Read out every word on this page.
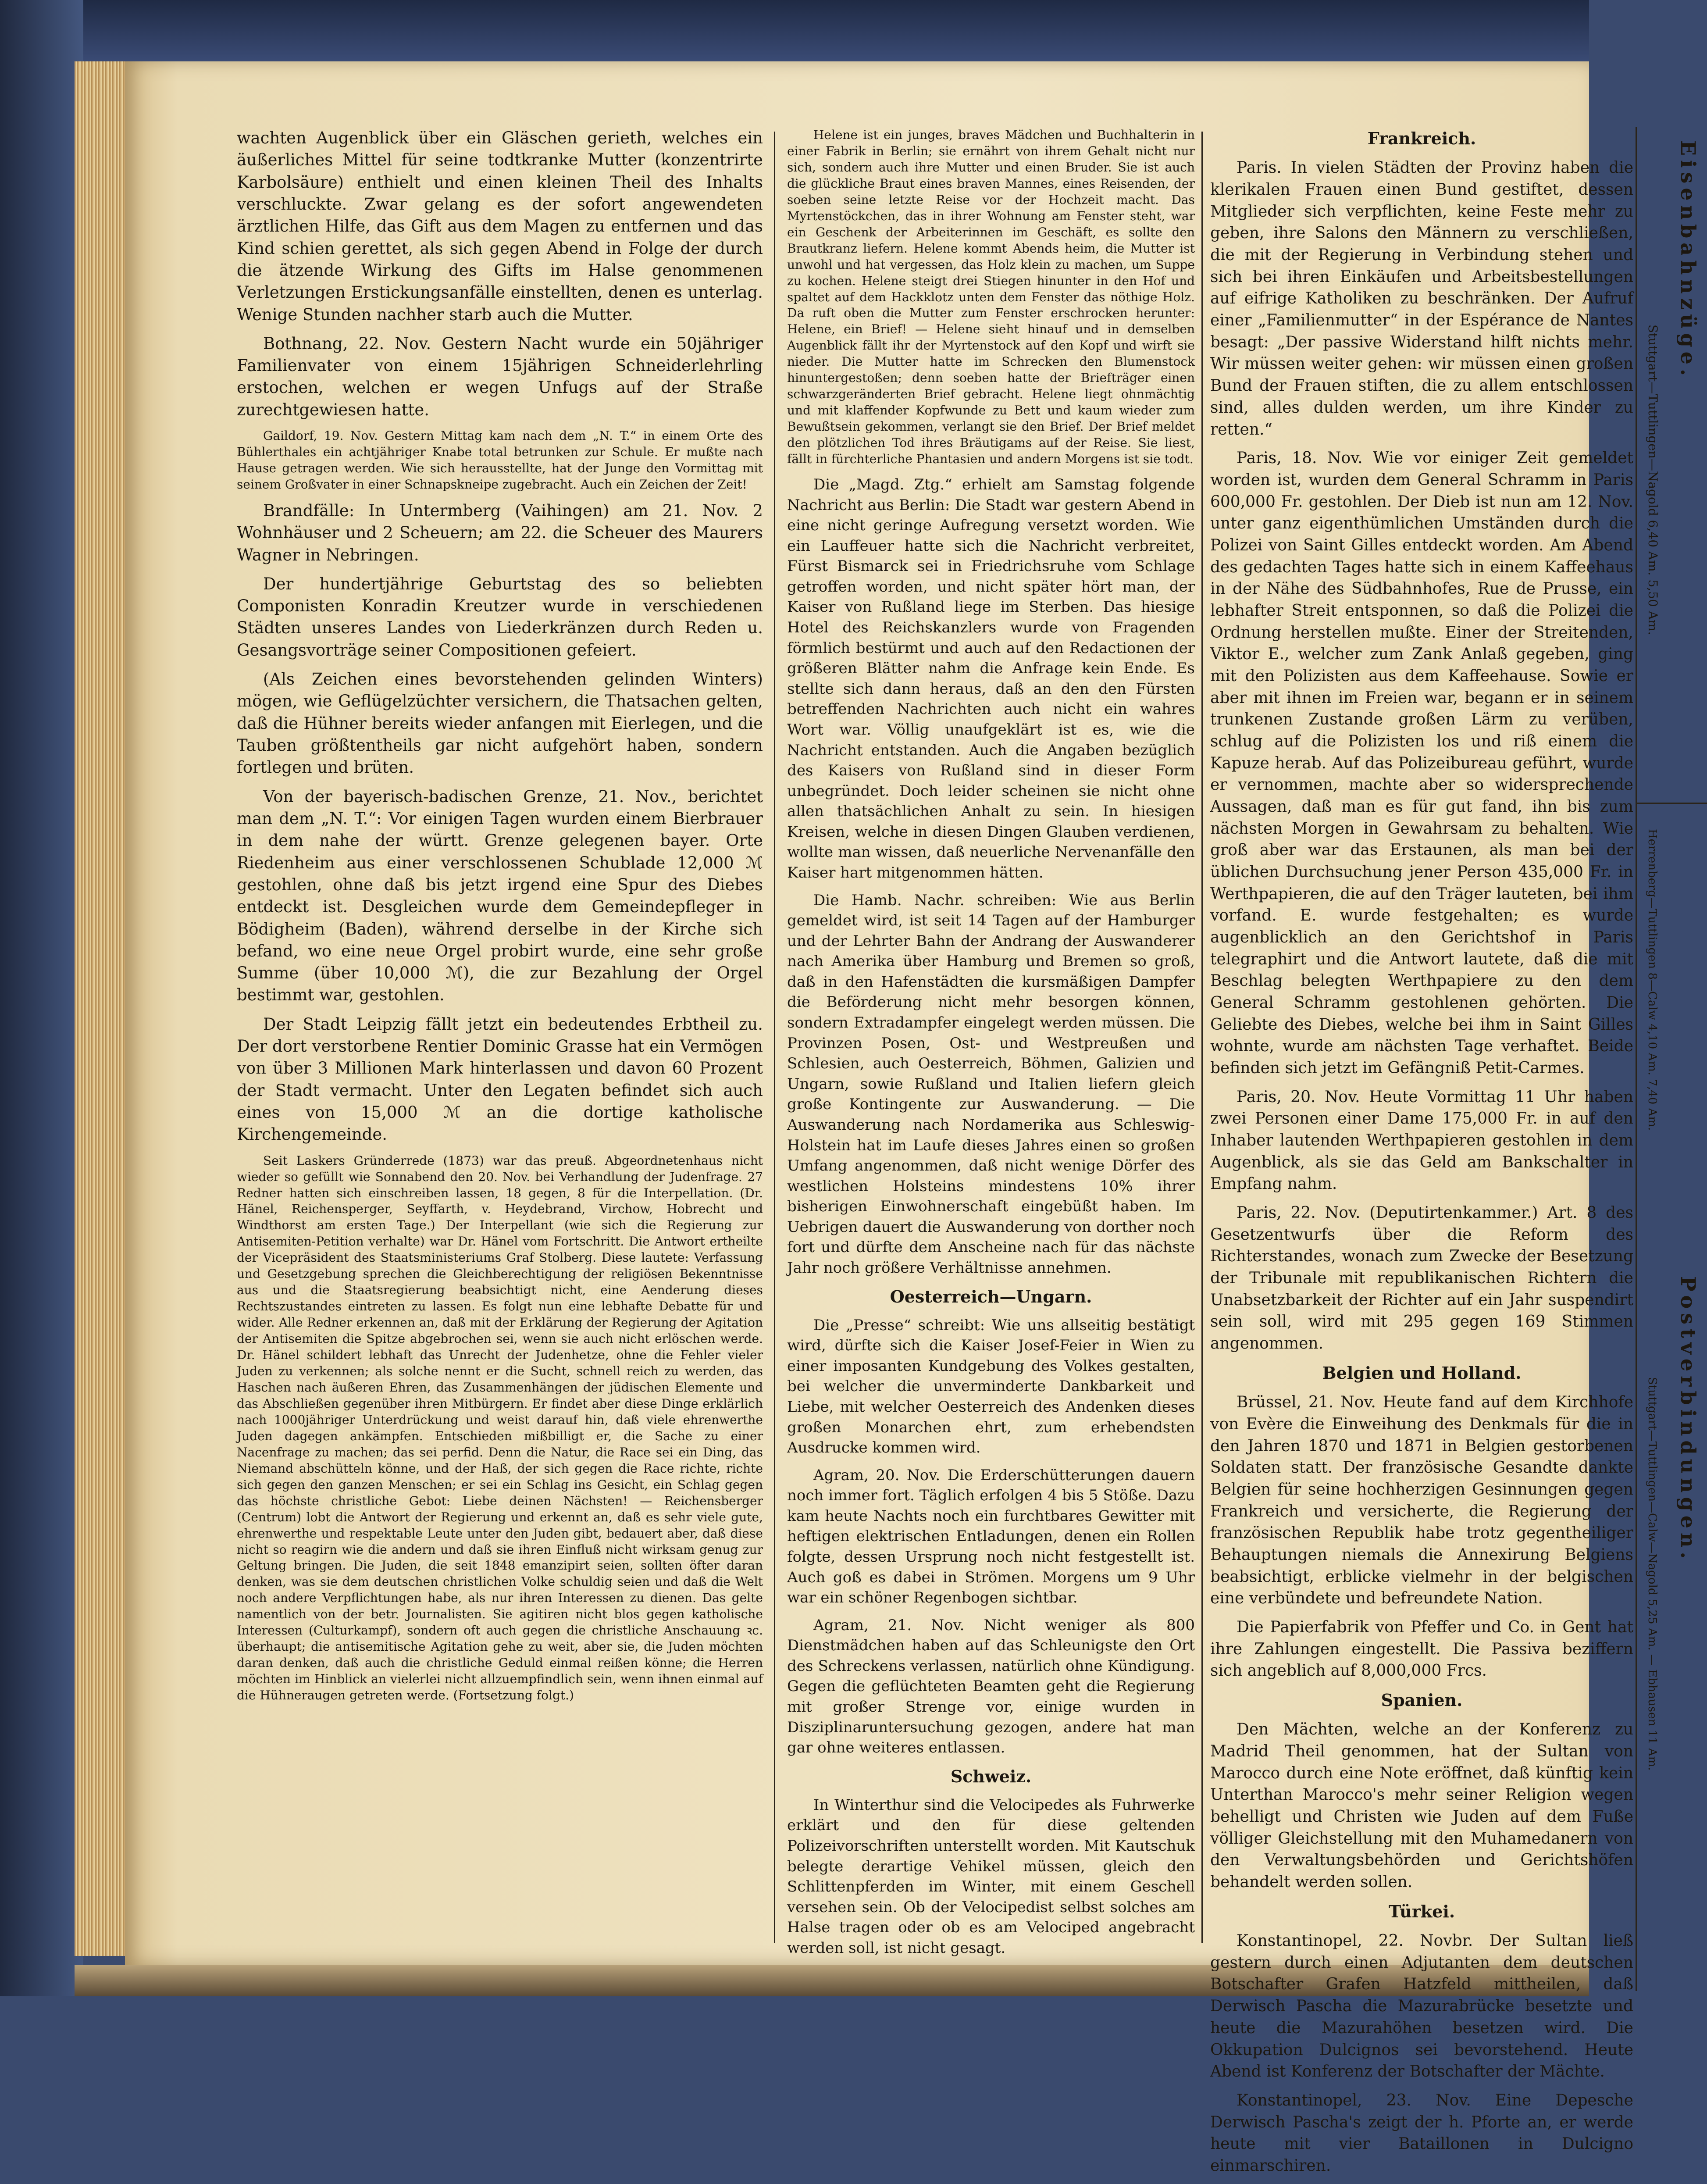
wachten Augenblick über ein Gläschen gerieth, welches ein äußerliches Mittel für seine todtkranke Mutter (konzentrirte Karbolsäure) enthielt und einen kleinen Theil des Inhalts verschluckte. Zwar gelang es der sofort angewendeten ärztlichen Hilfe, das Gift aus dem Magen zu entfernen und das Kind schien gerettet, als sich gegen Abend in Folge der durch die ätzende Wirkung des Gifts im Halse genommenen Verletzungen Erstickungsanfälle einstellten, denen es unterlag. Wenige Stunden nachher starb auch die Mutter.

Bothnang, 22. Nov. Gestern Nacht wurde ein 50jähriger Familienvater von einem 15jährigen Schneiderlehrling erstochen, welchen er wegen Unfugs auf der Straße zurechtgewiesen hatte.

Gaildorf, 19. Nov. Gestern Mittag kam nach dem „N. T.“ in einem Orte des Bühlerthales ein achtjähriger Knabe total betrunken zur Schule. Er mußte nach Hause getragen werden. Wie sich herausstellte, hat der Junge den Vormittag mit seinem Großvater in einer Schnapskneipe zugebracht. Auch ein Zeichen der Zeit!

Brandfälle: In Untermberg (Vaihingen) am 21. Nov. 2 Wohnhäuser und 2 Scheuern; am 22. die Scheuer des Maurers Wagner in Nebringen.

Der hundertjährige Geburtstag des so beliebten Componisten Konradin Kreutzer wurde in verschiedenen Städten unseres Landes von Liederkränzen durch Reden u. Gesangsvorträge seiner Compositionen gefeiert.

(Als Zeichen eines bevorstehenden gelinden Winters) mögen, wie Geflügelzüchter versichern, die Thatsachen gelten, daß die Hühner bereits wieder anfangen mit Eierlegen, und die Tauben größtentheils gar nicht aufgehört haben, sondern fortlegen und brüten.

Von der bayerisch-badischen Grenze, 21. Nov., berichtet man dem „N. T.“: Vor einigen Tagen wurden einem Bierbrauer in dem nahe der württ. Grenze gelegenen bayer. Orte Riedenheim aus einer verschlossenen Schublade 12,000 ℳ gestohlen, ohne daß bis jetzt irgend eine Spur des Diebes entdeckt ist. Desgleichen wurde dem Gemeindepfleger in Bödigheim (Baden), während derselbe in der Kirche sich befand, wo eine neue Orgel probirt wurde, eine sehr große Summe (über 10,000 ℳ), die zur Bezahlung der Orgel bestimmt war, gestohlen.

Der Stadt Leipzig fällt jetzt ein bedeutendes Erbtheil zu. Der dort verstorbene Rentier Dominic Grasse hat ein Vermögen von über 3 Millionen Mark hinterlassen und davon 60 Prozent der Stadt vermacht. Unter den Legaten befindet sich auch eines von 15,000 ℳ an die dortige katholische Kirchengemeinde.

Seit Laskers Gründerrede (1873) war das preuß. Abgeordnetenhaus nicht wieder so gefüllt wie Sonnabend den 20. Nov. bei Verhandlung der Judenfrage. 27 Redner hatten sich einschreiben lassen, 18 gegen, 8 für die Interpellation. (Dr. Hänel, Reichensperger, Seyffarth, v. Heydebrand, Virchow, Hobrecht und Windthorst am ersten Tage.) Der Interpellant (wie sich die Regierung zur Antisemiten-Petition verhalte) war Dr. Hänel vom Fortschritt. Die Antwort ertheilte der Vicepräsident des Staatsministeriums Graf Stolberg. Diese lautete: Verfassung und Gesetzgebung sprechen die Gleichberechtigung der religiösen Bekenntnisse aus und die Staatsregierung beabsichtigt nicht, eine Aenderung dieses Rechtszustandes eintreten zu lassen. Es folgt nun eine lebhafte Debatte für und wider. Alle Redner erkennen an, daß mit der Erklärung der Regierung der Agitation der Antisemiten die Spitze abgebrochen sei, wenn sie auch nicht erlöschen werde. Dr. Hänel schildert lebhaft das Unrecht der Judenhetze, ohne die Fehler vieler Juden zu verkennen; als solche nennt er die Sucht, schnell reich zu werden, das Haschen nach äußeren Ehren, das Zusammenhängen der jüdischen Elemente und das Abschließen gegenüber ihren Mitbürgern. Er findet aber diese Dinge erklärlich nach 1000jähriger Unterdrückung und weist darauf hin, daß viele ehrenwerthe Juden dagegen ankämpfen. Entschieden mißbilligt er, die Sache zu einer Nacenfrage zu machen; das sei perfid. Denn die Natur, die Race sei ein Ding, das Niemand abschütteln könne, und der Haß, der sich gegen die Race richte, richte sich gegen den ganzen Menschen; er sei ein Schlag ins Gesicht, ein Schlag gegen das höchste christliche Gebot: Liebe deinen Nächsten! — Reichensberger (Centrum) lobt die Antwort der Regierung und erkennt an, daß es sehr viele gute, ehrenwerthe und respektable Leute unter den Juden gibt, bedauert aber, daß diese nicht so reagirn wie die andern und daß sie ihren Einfluß nicht wirksam genug zur Geltung bringen. Die Juden, die seit 1848 emanzipirt seien, sollten öfter daran denken, was sie dem deutschen christlichen Volke schuldig seien und daß die Welt noch andere Verpflichtungen habe, als nur ihren Interessen zu dienen. Das gelte namentlich von der betr. Journalisten. Sie agitiren nicht blos gegen katholische Interessen (Culturkampf), sondern oft auch gegen die christliche Anschauung ꝛc. überhaupt; die antisemitische Agitation gehe zu weit, aber sie, die Juden möchten daran denken, daß auch die christliche Geduld einmal reißen könne; die Herren möchten im Hinblick an vielerlei nicht allzuempfindlich sein, wenn ihnen einmal auf die Hühneraugen getreten werde. (Fortsetzung folgt.)

Helene ist ein junges, braves Mädchen und Buchhalterin in einer Fabrik in Berlin; sie ernährt von ihrem Gehalt nicht nur sich, sondern auch ihre Mutter und einen Bruder. Sie ist auch die glückliche Braut eines braven Mannes, eines Reisenden, der soeben seine letzte Reise vor der Hochzeit macht. Das Myrtenstöckchen, das in ihrer Wohnung am Fenster steht, war ein Geschenk der Arbeiterinnen im Geschäft, es sollte den Brautkranz liefern. Helene kommt Abends heim, die Mutter ist unwohl und hat vergessen, das Holz klein zu machen, um Suppe zu kochen. Helene steigt drei Stiegen hinunter in den Hof und spaltet auf dem Hackklotz unten dem Fenster das nöthige Holz. Da ruft oben die Mutter zum Fenster erschrocken herunter: Helene, ein Brief! — Helene sieht hinauf und in demselben Augenblick fällt ihr der Myrtenstock auf den Kopf und wirft sie nieder. Die Mutter hatte im Schrecken den Blumenstock hinuntergestoßen; denn soeben hatte der Briefträger einen schwarzgeränderten Brief gebracht. Helene liegt ohnmächtig und mit klaffender Kopfwunde zu Bett und kaum wieder zum Bewußtsein gekommen, verlangt sie den Brief. Der Brief meldet den plötzlichen Tod ihres Bräutigams auf der Reise. Sie liest, fällt in fürchterliche Phantasien und andern Morgens ist sie todt.

Die „Magd. Ztg.“ erhielt am Samstag folgende Nachricht aus Berlin: Die Stadt war gestern Abend in eine nicht geringe Aufregung versetzt worden. Wie ein Lauffeuer hatte sich die Nachricht verbreitet, Fürst Bismarck sei in Friedrichsruhe vom Schlage getroffen worden, und nicht später hört man, der Kaiser von Rußland liege im Sterben. Das hiesige Hotel des Reichskanzlers wurde von Fragenden förmlich bestürmt und auch auf den Redactionen der größeren Blätter nahm die Anfrage kein Ende. Es stellte sich dann heraus, daß an den den Fürsten betreffenden Nachrichten auch nicht ein wahres Wort war. Völlig unaufgeklärt ist es, wie die Nachricht entstanden. Auch die Angaben bezüglich des Kaisers von Rußland sind in dieser Form unbegründet. Doch leider scheinen sie nicht ohne allen thatsächlichen Anhalt zu sein. In hiesigen Kreisen, welche in diesen Dingen Glauben verdienen, wollte man wissen, daß neuerliche Nervenanfälle den Kaiser hart mitgenommen hätten.

Die Hamb. Nachr. schreiben: Wie aus Berlin gemeldet wird, ist seit 14 Tagen auf der Hamburger und der Lehrter Bahn der Andrang der Auswanderer nach Amerika über Hamburg und Bremen so groß, daß in den Hafenstädten die kursmäßigen Dampfer die Beförderung nicht mehr besorgen können, sondern Extradampfer eingelegt werden müssen. Die Provinzen Posen, Ost- und Westpreußen und Schlesien, auch Oesterreich, Böhmen, Galizien und Ungarn, sowie Rußland und Italien liefern gleich große Kontingente zur Auswanderung. — Die Auswanderung nach Nordamerika aus Schleswig-Holstein hat im Laufe dieses Jahres einen so großen Umfang angenommen, daß nicht wenige Dörfer des westlichen Holsteins mindestens 10% ihrer bisherigen Einwohnerschaft eingebüßt haben. Im Uebrigen dauert die Auswanderung von dorther noch fort und dürfte dem Anscheine nach für das nächste Jahr noch größere Verhältnisse annehmen.

Oesterreich—Ungarn.

Die „Presse“ schreibt: Wie uns allseitig bestätigt wird, dürfte sich die Kaiser Josef-Feier in Wien zu einer imposanten Kundgebung des Volkes gestalten, bei welcher die unverminderte Dankbarkeit und Liebe, mit welcher Oesterreich des Andenken dieses großen Monarchen ehrt, zum erhebendsten Ausdrucke kommen wird.

Agram, 20. Nov. Die Erderschütterungen dauern noch immer fort. Täglich erfolgen 4 bis 5 Stöße. Dazu kam heute Nachts noch ein furchtbares Gewitter mit heftigen elektrischen Entladungen, denen ein Rollen folgte, dessen Ursprung noch nicht festgestellt ist. Auch goß es dabei in Strömen. Morgens um 9 Uhr war ein schöner Regenbogen sichtbar.

Agram, 21. Nov. Nicht weniger als 800 Dienstmädchen haben auf das Schleunigste den Ort des Schreckens verlassen, natürlich ohne Kündigung. Gegen die geflüchteten Beamten geht die Regierung mit großer Strenge vor, einige wurden in Disziplinaruntersuchung gezogen, andere hat man gar ohne weiteres entlassen.

Schweiz.

In Winterthur sind die Velocipedes als Fuhrwerke erklärt und den für diese geltenden Polizeivorschriften unterstellt worden. Mit Kautschuk belegte derartige Vehikel müssen, gleich den Schlittenpferden im Winter, mit einem Geschell versehen sein. Ob der Velocipedist selbst solches am Halse tragen oder ob es am Velociped angebracht werden soll, ist nicht gesagt.

Frankreich.

Paris. In vielen Städten der Provinz haben die klerikalen Frauen einen Bund gestiftet, dessen Mitglieder sich verpflichten, keine Feste mehr zu geben, ihre Salons den Männern zu verschließen, die mit der Regierung in Verbindung stehen und sich bei ihren Einkäufen und Arbeitsbestellungen auf eifrige Katholiken zu beschränken. Der Aufruf einer „Familienmutter“ in der Espérance de Nantes besagt: „Der passive Widerstand hilft nichts mehr. Wir müssen weiter gehen: wir müssen einen großen Bund der Frauen stiften, die zu allem entschlossen sind, alles dulden werden, um ihre Kinder zu retten.“

Paris, 18. Nov. Wie vor einiger Zeit gemeldet worden ist, wurden dem General Schramm in Paris 600,000 Fr. gestohlen. Der Dieb ist nun am 12. Nov. unter ganz eigenthümlichen Umständen durch die Polizei von Saint Gilles entdeckt worden. Am Abend des gedachten Tages hatte sich in einem Kaffeehaus in der Nähe des Südbahnhofes, Rue de Prusse, ein lebhafter Streit entsponnen, so daß die Polizei die Ordnung herstellen mußte. Einer der Streitenden, Viktor E., welcher zum Zank Anlaß gegeben, ging mit den Polizisten aus dem Kaffeehause. Sowie er aber mit ihnen im Freien war, begann er in seinem trunkenen Zustande großen Lärm zu verüben, schlug auf die Polizisten los und riß einem die Kapuze herab. Auf das Polizeibureau geführt, wurde er vernommen, machte aber so widersprechende Aussagen, daß man es für gut fand, ihn bis zum nächsten Morgen in Gewahrsam zu behalten. Wie groß aber war das Erstaunen, als man bei der üblichen Durchsuchung jener Person 435,000 Fr. in Werthpapieren, die auf den Träger lauteten, bei ihm vorfand. E. wurde festgehalten; es wurde augenblicklich an den Gerichtshof in Paris telegraphirt und die Antwort lautete, daß die mit Beschlag belegten Werthpapiere zu den dem General Schramm gestohlenen gehörten. Die Geliebte des Diebes, welche bei ihm in Saint Gilles wohnte, wurde am nächsten Tage verhaftet. Beide befinden sich jetzt im Gefängniß Petit-Carmes.

Paris, 20. Nov. Heute Vormittag 11 Uhr haben zwei Personen einer Dame 175,000 Fr. in auf den Inhaber lautenden Werthpapieren gestohlen in dem Augenblick, als sie das Geld am Bankschalter in Empfang nahm.

Paris, 22. Nov. (Deputirtenkammer.) Art. 8 des Gesetzentwurfs über die Reform des Richterstandes, wonach zum Zwecke der Besetzung der Tribunale mit republikanischen Richtern die Unabsetzbarkeit der Richter auf ein Jahr suspendirt sein soll, wird mit 295 gegen 169 Stimmen angenommen.

Belgien und Holland.

Brüssel, 21. Nov. Heute fand auf dem Kirchhofe von Evère die Einweihung des Denkmals für die in den Jahren 1870 und 1871 in Belgien gestorbenen Soldaten statt. Der französische Gesandte dankte Belgien für seine hochherzigen Gesinnungen gegen Frankreich und versicherte, die Regierung der französischen Republik habe trotz gegentheiliger Behauptungen niemals die Annexirung Belgiens beabsichtigt, erblicke vielmehr in der belgischen eine verbündete und befreundete Nation.

Die Papierfabrik von Pfeffer und Co. in Gent hat ihre Zahlungen eingestellt. Die Passiva beziffern sich angeblich auf 8,000,000 Frcs.

Spanien.

Den Mächten, welche an der Konferenz zu Madrid Theil genommen, hat der Sultan von Marocco durch eine Note eröffnet, daß künftig kein Unterthan Marocco's mehr seiner Religion wegen behelligt und Christen wie Juden auf dem Fuße völliger Gleichstellung mit den Muhamedanern von den Verwaltungsbehörden und Gerichtshöfen behandelt werden sollen.

Türkei.

Konstantinopel, 22. Novbr. Der Sultan ließ gestern durch einen Adjutanten dem deutschen Botschafter Grafen Hatzfeld mittheilen, daß Derwisch Pascha die Mazurabrücke besetzte und heute die Mazurahöhen besetzen wird. Die Okkupation Dulcignos sei bevorstehend. Heute Abend ist Konferenz der Botschafter der Mächte.

Konstantinopel, 23. Nov. Eine Depesche Derwisch Pascha's zeigt der h. Pforte an, er werde heute mit vier Bataillonen in Dulcigno einmarschiren.

Eisenbahnzüge.
Stuttgart—Tuttlingen—Nagold 6,40 Am. 5,50 Am.
Herrenberg—Tuttlingen 8—Calw 4,10 Am. 7,40 Am.
Postverbindungen.
Stuttgart—Tuttlingen—Calw—Nagold 5,25 Am. — Ebhausen 11 Am.
